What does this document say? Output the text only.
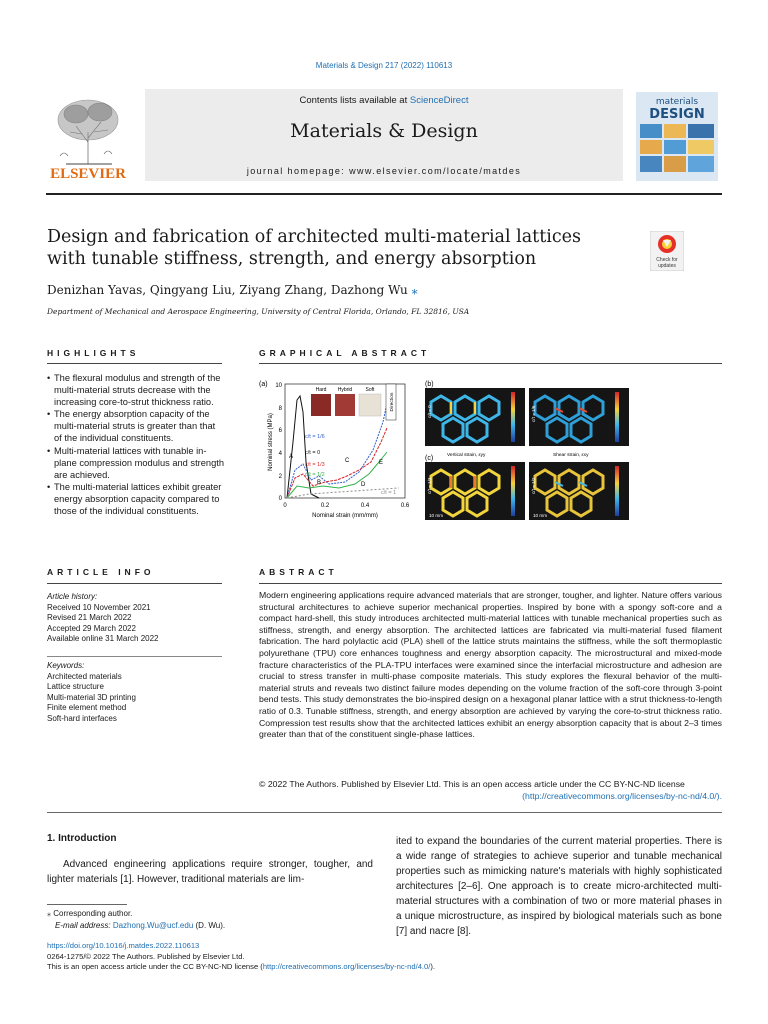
Materials & Design 217 (2022) 110613
ELSEVIER
Contents lists available at ScienceDirect
Materials & Design
journal homepage: www.elsevier.com/locate/matdes
materials
DESIGN
Design and fabrication of architected multi-material lattices with tunable stiffness, strength, and energy absorption	Check for
updates
Denizhan Yavas, Qingyang Liu, Ziyang Zhang, Dazhong Wu ⁎
Department of Mechanical and Aerospace Engineering, University of Central Florida, Orlando, FL 32816, USA
HIGHLIGHTS	GRAPHICAL ABSTRACT
• The flexural modulus and strength of the multi-material struts decrease with the increasing core-to-strut thickness ratio.
• The energy absorption capacity of the multi-material struts is greater than that of the individual constituents.
• Multi-material lattices with tunable in-plane compression modulus and strength are achieved.
• The multi-material lattices exhibit greater energy absorption capacity compared to those of the individual constituents.
(a) 10
8
6
4
2
0
0	0.2	0.4	0.6
Nominal strain (mm/mm)
Nominal stress (MPa)	c/t = 0
c/t = 1/6
c/t = 1/3
c/t = 1/2
c/t = 1
A
B
C
D
E
Hard Hybrid	Soft
Direction
(b)
(c)
c/t = 0	c/t = 1/6
c/t = 1/3	c/t = 1/2
10 mm	10 mm
Vertical strain, εyy	Shear strain, εxy
ARTICLE INFO	ABSTRACT
Article history:
Received 10 November 2021
Revised 21 March 2022
Accepted 29 March 2022
Available online 31 March 2022
Keywords:
Architected materials
Lattice structure
Multi-material 3D printing
Finite element method
Soft-hard interfaces
Modern engineering applications require advanced materials that are stronger, tougher, and lighter. Nature offers various structural architectures to achieve superior mechanical properties. Inspired by bone with a spongy soft-core and a compact hard-shell, this study introduces architected multi-material lattices with tunable mechanical properties such as stiffness, strength, and energy absorption. The architected lattices are fabricated via multi-material fused filament fabrication. The hard polylactic acid (PLA) shell of the lattice struts maintains the stiffness, while the soft thermoplastic polyurethane (TPU) core enhances toughness and energy absorption capacity. The microstructural and mixed-mode fracture characteristics of the PLA-TPU interfaces were examined since the interfacial microstructure and adhesion are crucial to stress transfer in multi-phase composite materials. This study explores the flexural behavior of the multi-material struts and reveals two distinct failure modes depending on the volume fraction of the soft-core through 3-point bend tests. This study demonstrates the bio-inspired design on a hexagonal planar lattice with a strut thickness-to-length ratio of 0.3. Tunable stiffness, strength, and energy absorption are achieved by varying the core-to-strut thickness ratio. Compression test results show that the architected lattices exhibit an energy absorption capacity that is about 2–3 times greater than that of the constituent single-phase lattices.
© 2022 The Authors. Published by Elsevier Ltd. This is an open access article under the CC BY-NC-ND license
(http://creativecommons.org/licenses/by-nc-nd/4.0/).
1. Introduction
Advanced engineering applications require stronger, tougher, and lighter materials [1]. However, traditional materials are lim-
ited to expand the boundaries of the current material properties. There is a wide range of strategies to achieve superior and tunable mechanical properties such as mimicking nature's materials with highly sophisticated architectures [2–6]. One approach is to create micro-architected multi-material structures with a combination of two or more material phases in a unique microstructure, as inspired by biological materials such as bone [7] and nacre [8].
⁎ Corresponding author.
E-mail address: Dazhong.Wu@ucf.edu (D. Wu).
https://doi.org/10.1016/j.matdes.2022.110613
0264-1275/© 2022 The Authors. Published by Elsevier Ltd.
This is an open access article under the CC BY-NC-ND license (http://creativecommons.org/licenses/by-nc-nd/4.0/).
